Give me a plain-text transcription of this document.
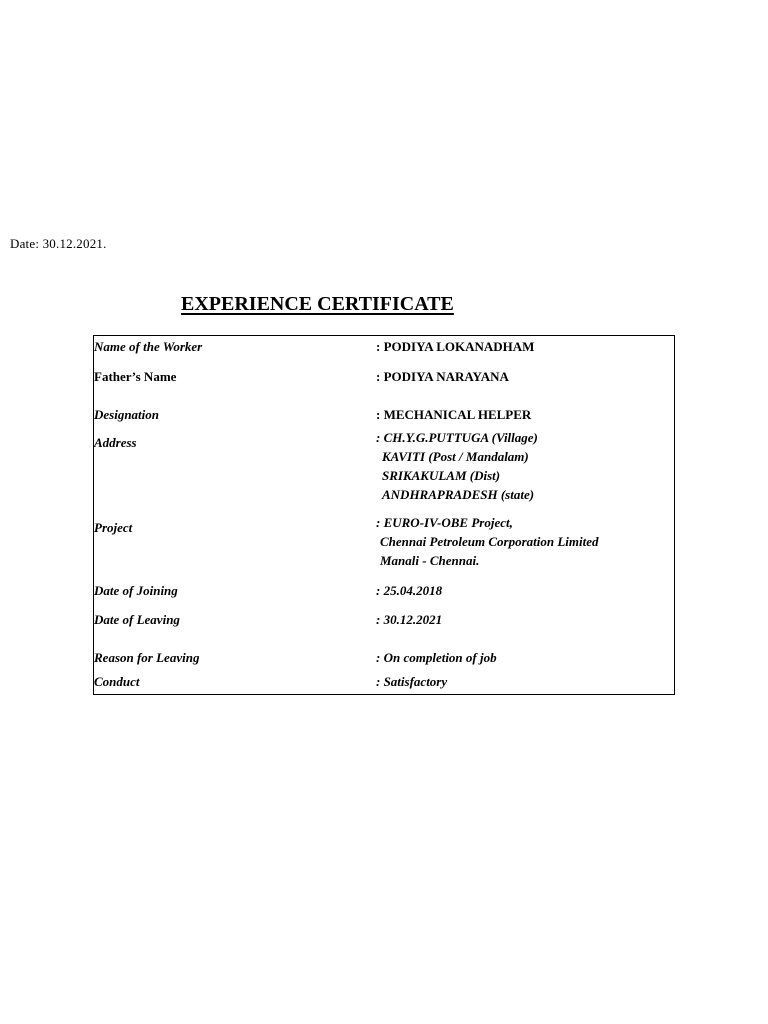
Date: 30.12.2021.
EXPERIENCE CERTIFICATE
Name of the Worker	: PODIYA LOKANADHAM
Father’s Name	: PODIYA NARAYANA
Designation	: MECHANICAL HELPER
Address	: CH.Y.G.PUTTUGA (Village)
KAVITI (Post / Mandalam)
SRIKAKULAM (Dist)
ANDHRAPRADESH (state)
Project	: EURO-IV-OBE Project,
Chennai Petroleum Corporation Limited
Manali - Chennai.
Date of Joining	: 25.04.2018
Date of Leaving	: 30.12.2021
Reason for Leaving	: On completion of job
Conduct	: Satisfactory
